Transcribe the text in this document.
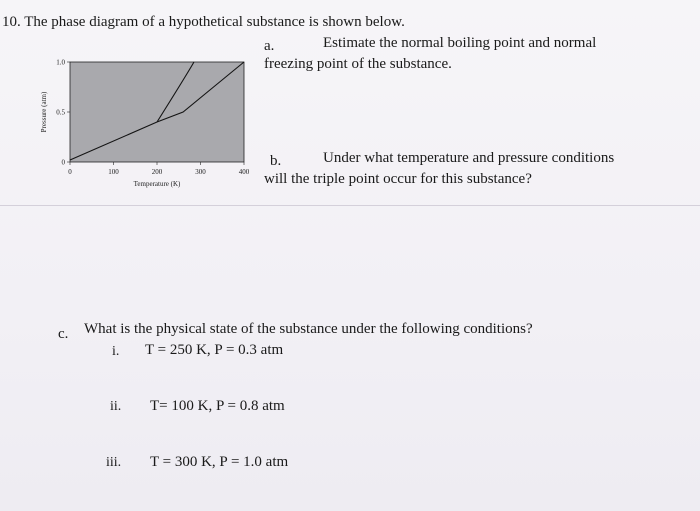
10. The phase diagram of a hypothetical substance is shown below.
a.	Estimate the normal boiling point and normal
freezing point of the substance.
0	100	200	300	400
0
0.5
1.0
Temperature (K)
Pressure (atm)
b.	Under what temperature and pressure conditions
will the triple point occur for this substance?
c. What is the physical state of the substance under the following conditions?
i. T = 250 K, P = 0.3 atm
ii. T= 100 K, P = 0.8 atm
iii. T = 300 K, P = 1.0 atm
